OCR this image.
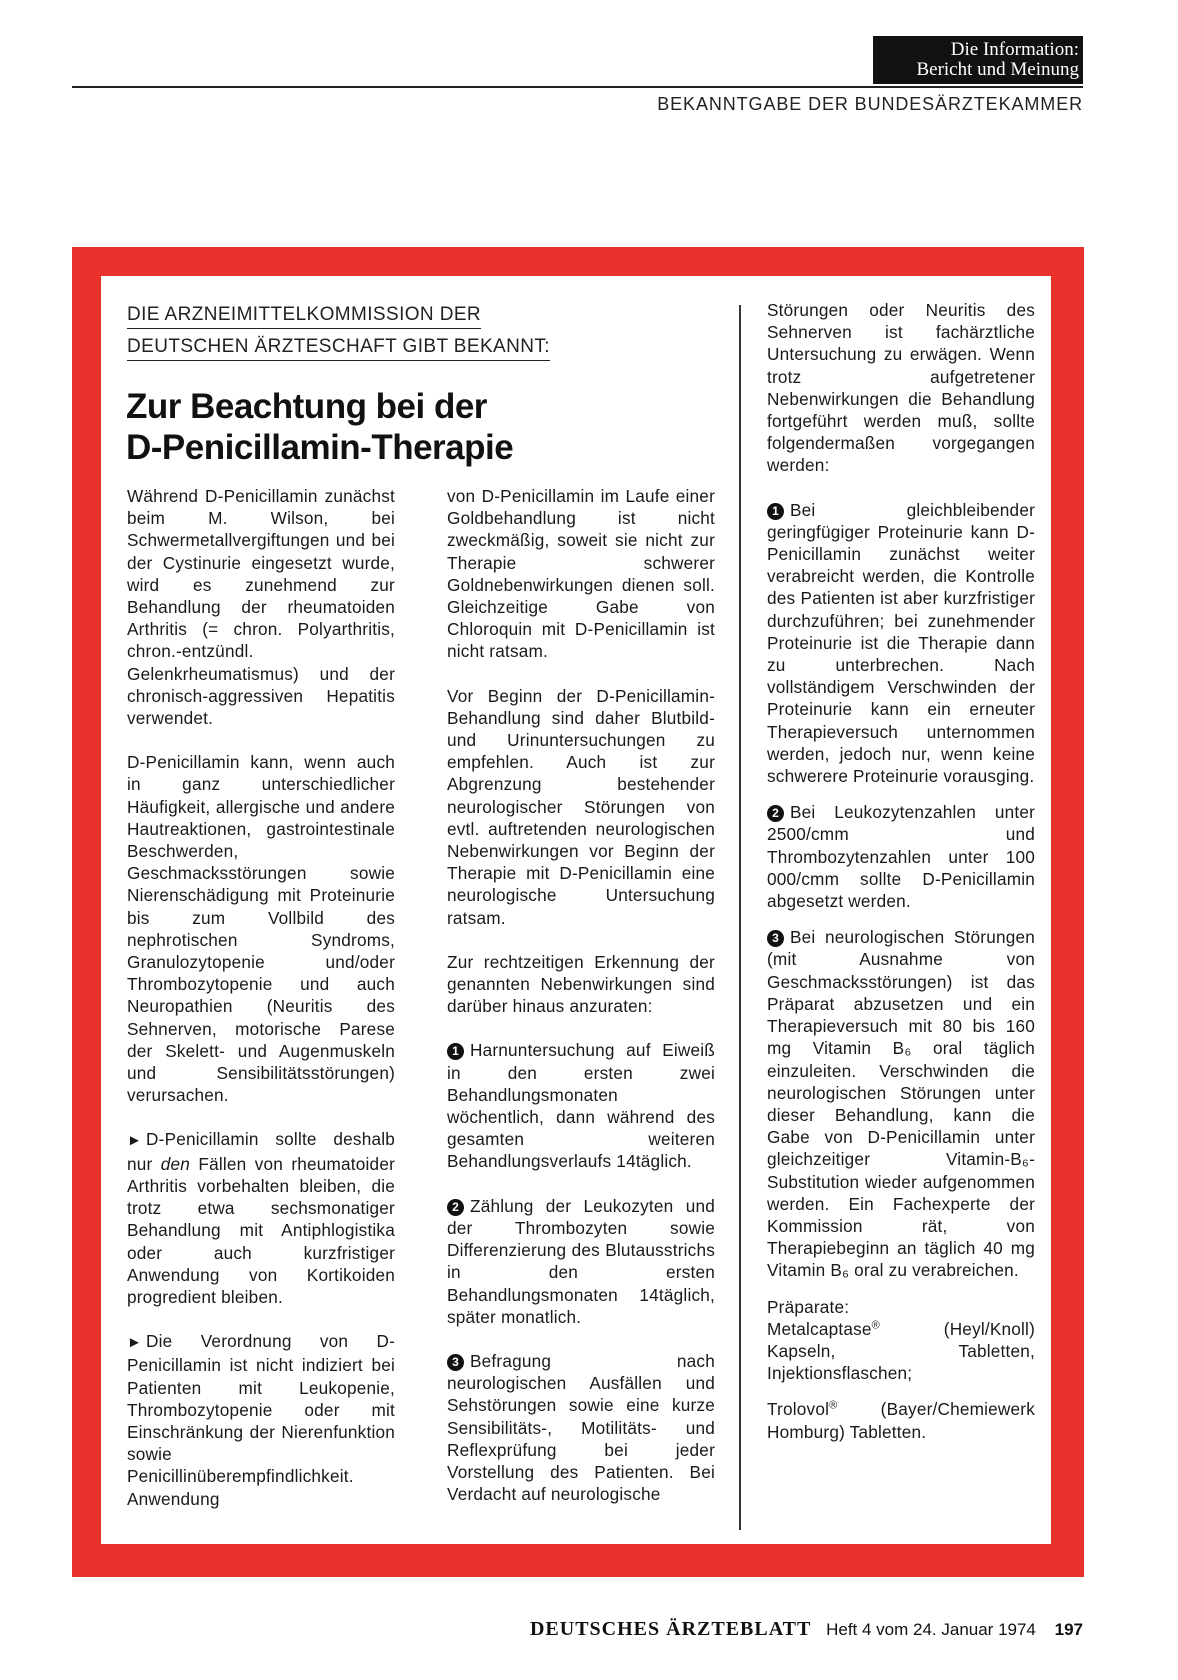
Die Information:
Bericht und Meinung
BEKANNTGABE DER BUNDESÄRZTEKAMMER
DIE ARZNEIMITTELKOMMISSION DER
DEUTSCHEN ÄRZTESCHAFT GIBT BEKANNT:
Zur Beachtung bei der
D-Penicillamin-Therapie

Während D-Penicillamin zunächst beim M. Wilson, bei Schwermetallvergiftungen und bei der Cystinurie eingesetzt wurde, wird es zunehmend zur Behandlung der rheumatoiden Arthritis (= chron. Polyarthritis, chron.-entzündl. Gelenkrheumatismus) und der chronisch-aggressiven Hepatitis verwendet.

D-Penicillamin kann, wenn auch in ganz unterschiedlicher Häufigkeit, allergische und andere Hautreaktionen, gastrointestinale Beschwerden, Geschmacksstörungen sowie Nierenschädigung mit Proteinurie bis zum Vollbild des nephrotischen Syndroms, Granulozytopenie und/oder Thrombozytopenie und auch Neuropathien (Neuritis des Sehnerven, motorische Parese der Skelett- und Augenmuskeln und Sensibilitätsstörungen) verursachen.

► D-Penicillamin sollte deshalb nur den Fällen von rheumatoider Arthritis vorbehalten bleiben, die trotz etwa sechsmonatiger Behandlung mit Antiphlogistika oder auch kurzfristiger Anwendung von Kortikoiden progredient bleiben.

► Die Verordnung von D-Penicillamin ist nicht indiziert bei Patienten mit Leukopenie, Thrombozytopenie oder mit Einschränkung der Nierenfunktion sowie Penicillinüberempfindlichkeit. Anwendung

von D-Penicillamin im Laufe einer Goldbehandlung ist nicht zweckmäßig, soweit sie nicht zur Therapie schwerer Goldnebenwirkungen dienen soll. Gleichzeitige Gabe von Chloroquin mit D-Penicillamin ist nicht ratsam.

Vor Beginn der D-Penicillamin-Behandlung sind daher Blutbild- und Urinuntersuchungen zu empfehlen. Auch ist zur Abgrenzung bestehender neurologischer Störungen von evtl. auftretenden neurologischen Nebenwirkungen vor Beginn der Therapie mit D-Penicillamin eine neurologische Untersuchung ratsam.

Zur rechtzeitigen Erkennung der genannten Nebenwirkungen sind darüber hinaus anzuraten:

1 Harnuntersuchung auf Eiweiß in den ersten zwei Behandlungsmonaten wöchentlich, dann während des gesamten weiteren Behandlungsverlaufs 14täglich.

2 Zählung der Leukozyten und der Thrombozyten sowie Differenzierung des Blutausstrichs in den ersten Behandlungsmonaten 14täglich, später monatlich.

3 Befragung nach neurologischen Ausfällen und Sehstörungen sowie eine kurze Sensibilitäts-, Motilitäts- und Reflexprüfung bei jeder Vorstellung des Patienten. Bei Verdacht auf neurologische

Störungen oder Neuritis des Sehnerven ist fachärztliche Untersuchung zu erwägen. Wenn trotz aufgetretener Nebenwirkungen die Behandlung fortgeführt werden muß, sollte folgendermaßen vorgegangen werden:

1 Bei gleichbleibender geringfügiger Proteinurie kann D-Penicillamin zunächst weiter verabreicht werden, die Kontrolle des Patienten ist aber kurzfristiger durchzuführen; bei zunehmender Proteinurie ist die Therapie dann zu unterbrechen. Nach vollständigem Verschwinden der Proteinurie kann ein erneuter Therapieversuch unternommen werden, jedoch nur, wenn keine schwerere Proteinurie vorausging.

2 Bei Leukozytenzahlen unter 2500/cmm und Thrombozytenzahlen unter 100 000/cmm sollte D-Penicillamin abgesetzt werden.

3 Bei neurologischen Störungen (mit Ausnahme von Geschmacksstörungen) ist das Präparat abzusetzen und ein Therapieversuch mit 80 bis 160 mg Vitamin B₆ oral täglich einzuleiten. Verschwinden die neurologischen Störungen unter dieser Behandlung, kann die Gabe von D-Penicillamin unter gleichzeitiger Vitamin-B₆-Substitution wieder aufgenommen werden. Ein Fachexperte der Kommission rät, von Therapiebeginn an täglich 40 mg Vitamin B₆ oral zu verabreichen.

Präparate:
Metalcaptase® (Heyl/Knoll) Kapseln, Tabletten, Injektionsflaschen;

Trolovol® (Bayer/Chemiewerk Homburg) Tabletten.

DEUTSCHES ÄRZTEBLATT Heft 4 vom 24. Januar 1974 197
